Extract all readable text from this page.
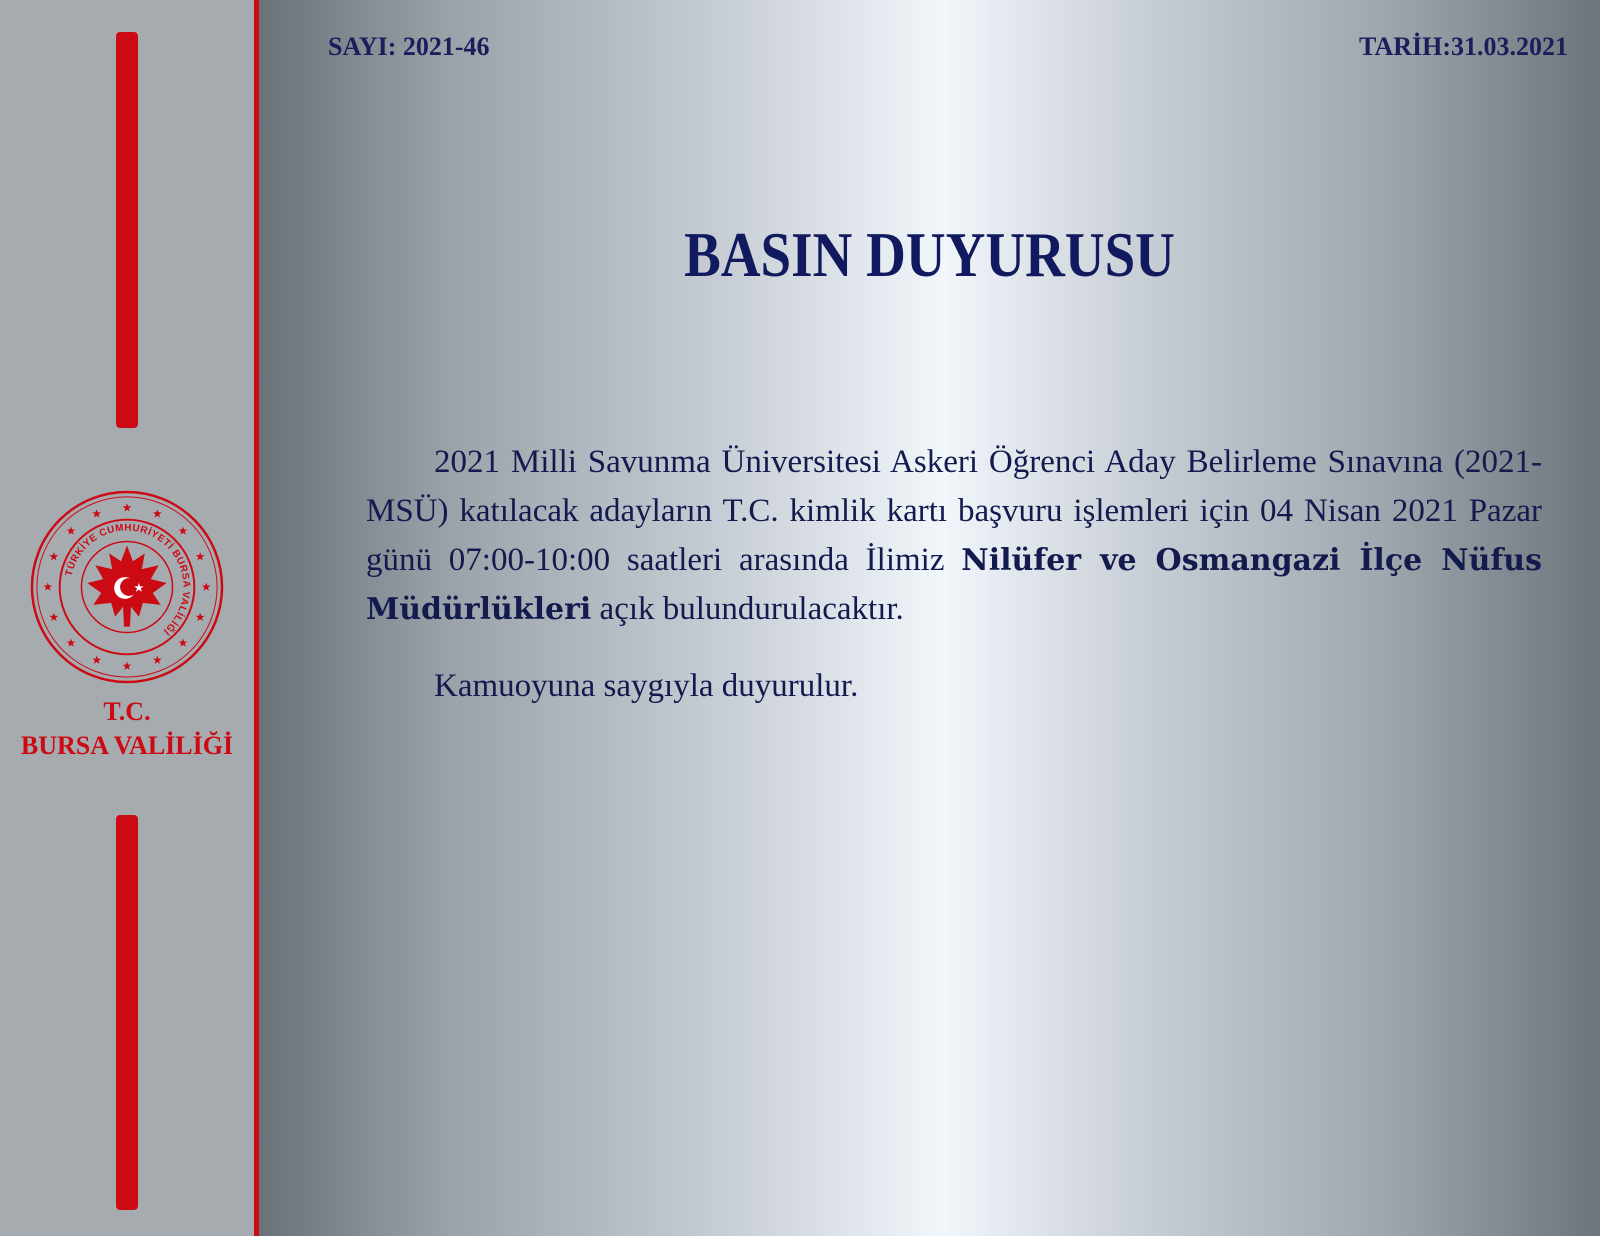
TÜRKİYE CUMHURİYETİ BURSA VALİLİĞİ
T.C.
BURSA VALİLİĞİ
SAYI: 2021-46	TARİH:31.03.2021
BASIN DUYURUSU

2021 Milli Savunma Üniversitesi Askeri Öğrenci Aday Belirleme Sınavına (2021-MSÜ) katılacak adayların T.C. kimlik kartı başvuru işlemleri için 04 Nisan 2021 Pazar günü 07:00-10:00 saatleri arasında İlimiz Nilüfer ve Osmangazi İlçe Nüfus Müdürlükleri açık bulundurulacaktır.

Kamuoyuna saygıyla duyurulur.
